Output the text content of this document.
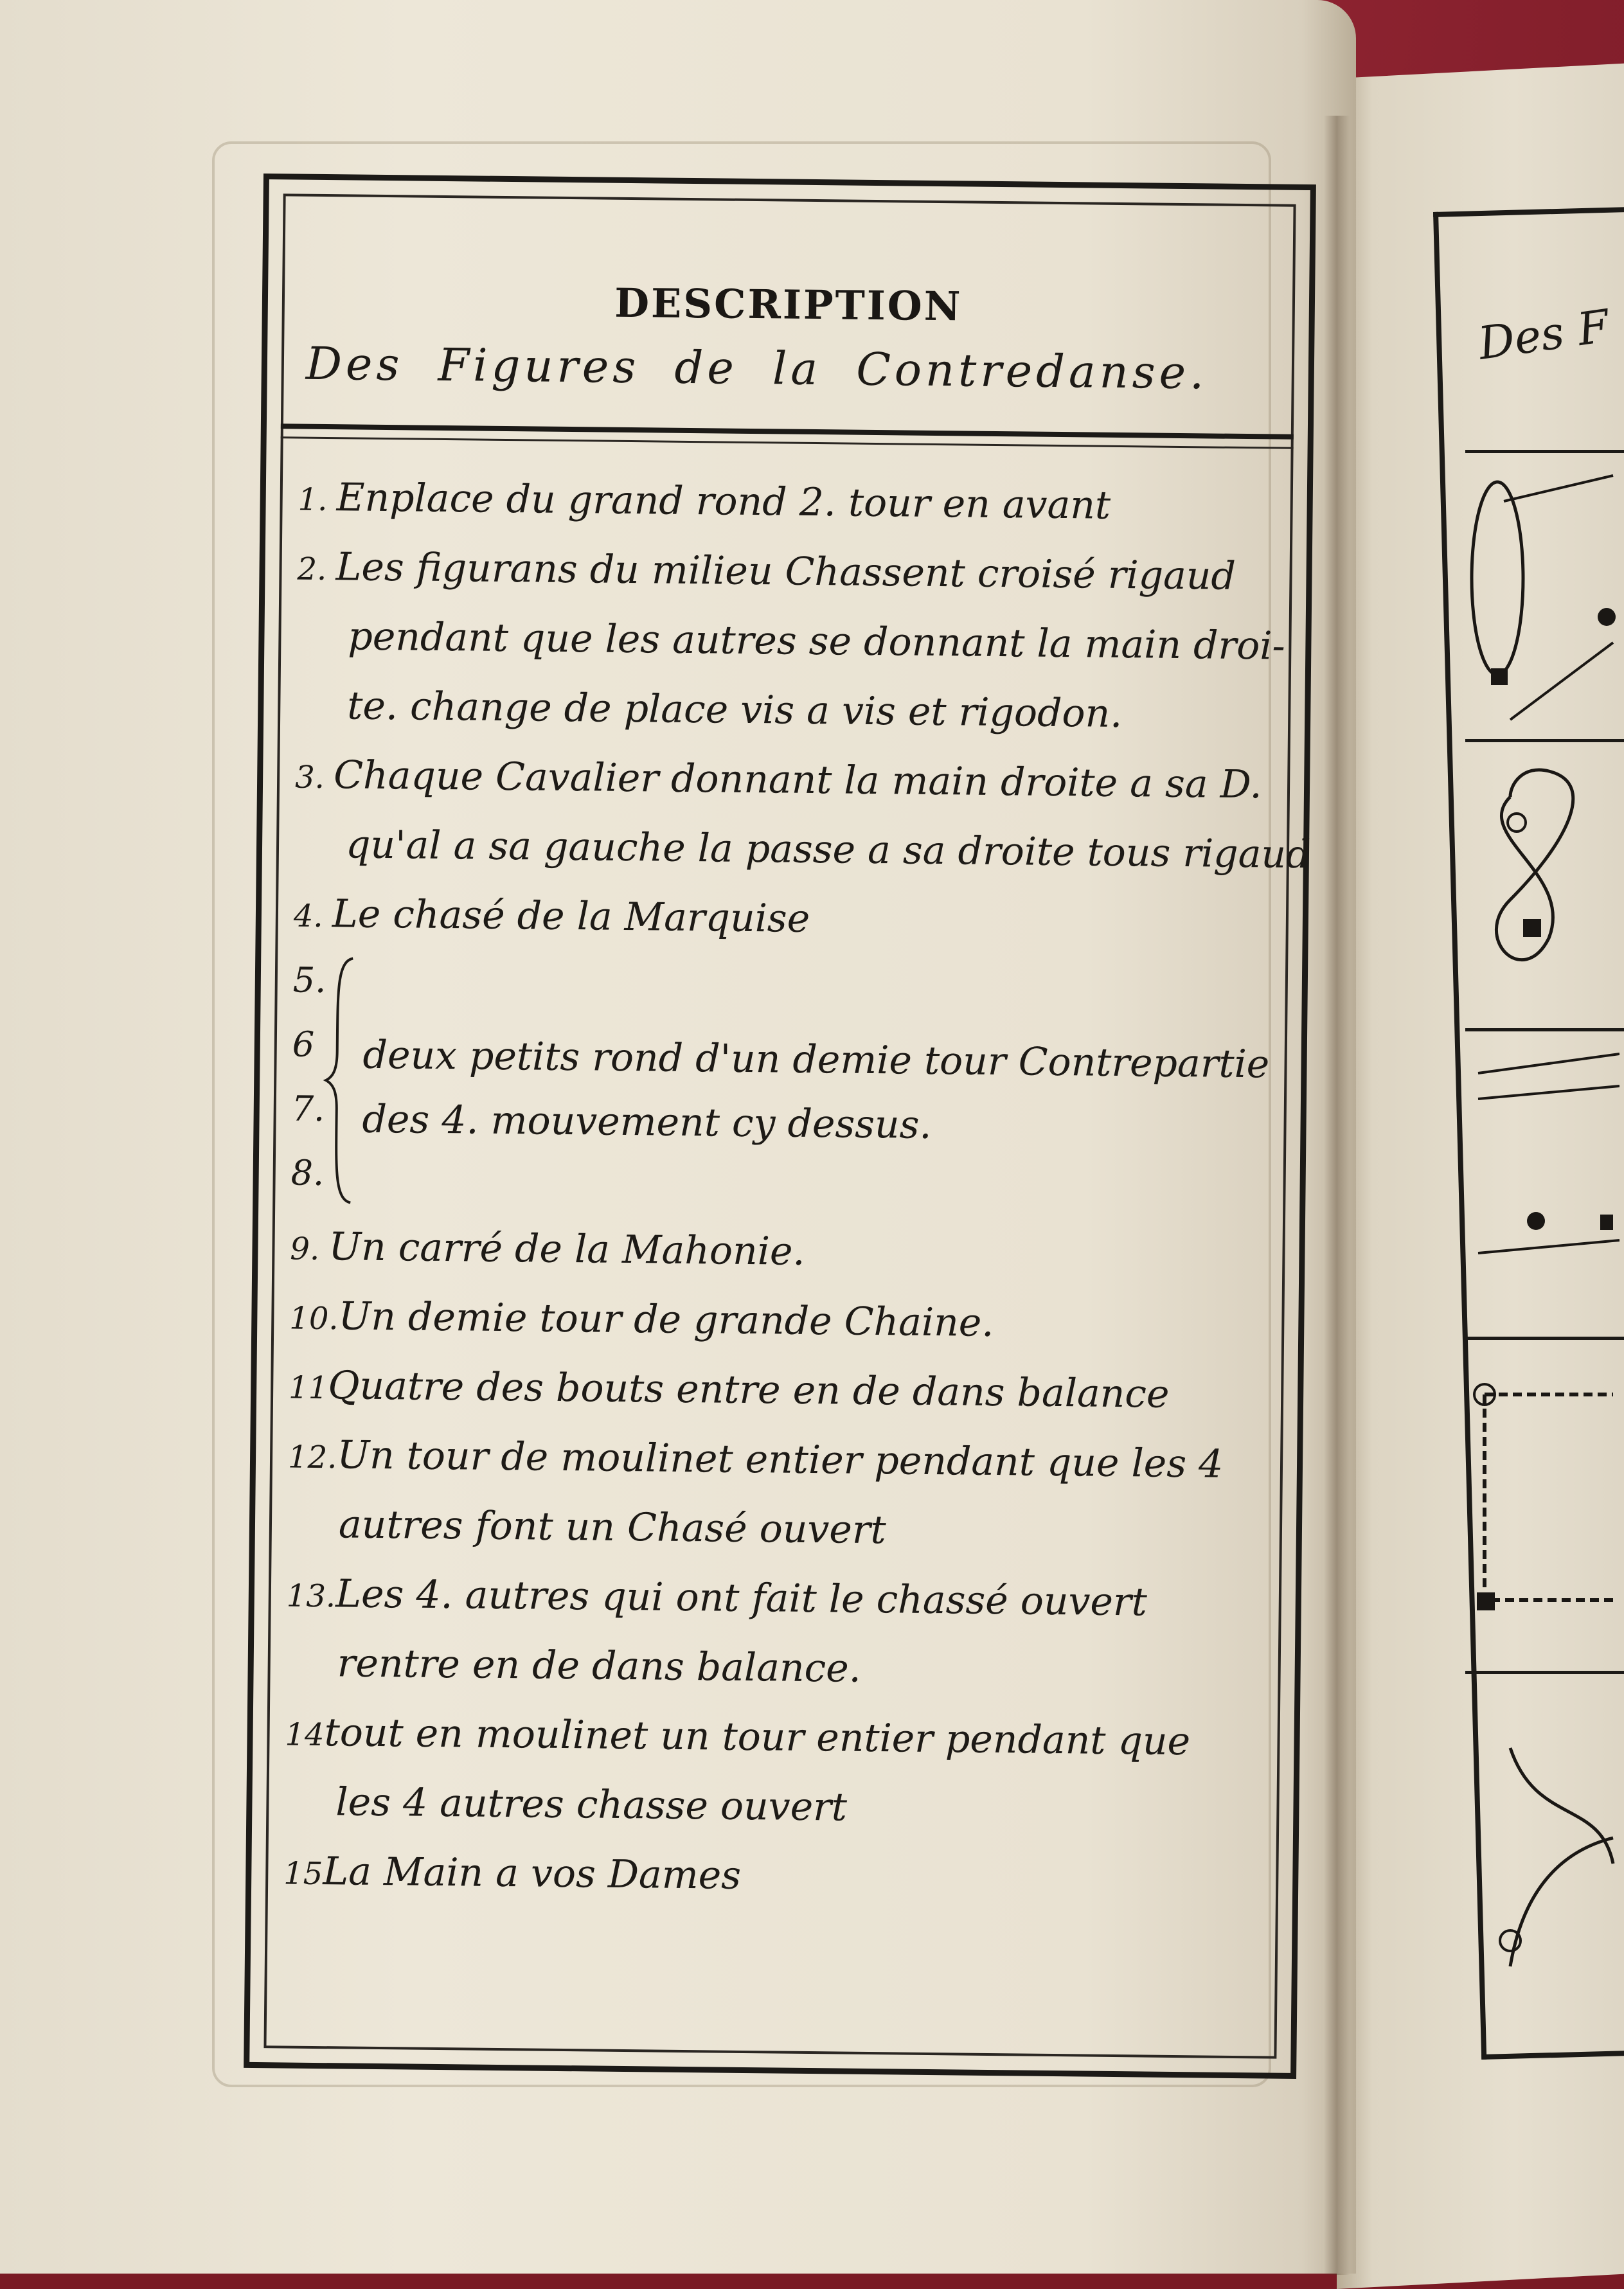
DESCRIPTION
Des Figures de la Contredanse.
1. Enplace du grand rond 2. tour en avant
2. Les figurans du milieu Chassent croisé rigaud
pendant que les autres se donnant la main droi-
te. change de place vis a vis et rigodon.
3. Chaque Cavalier donnant la main droite a sa D.
qu'al a sa gauche la passe a sa droite tous rigaud
4. Le chasé de la Marquise
5.
6
7.
8.
deux petits rond d'un demie tour Contrepartie
des 4. mouvement cy dessus.
9. Un carré de la Mahonie.
10.Un demie tour de grande Chaine.
11Quatre des bouts entre en de dans balance
12.Un tour de moulinet entier pendant que les 4
autres font un Chasé ouvert
13.Les 4. autres qui ont fait le chassé ouvert
rentre en de dans balance.
14tout en moulinet un tour entier pendant que
les 4 autres chasse ouvert
15La Main a vos Dames
Des F
